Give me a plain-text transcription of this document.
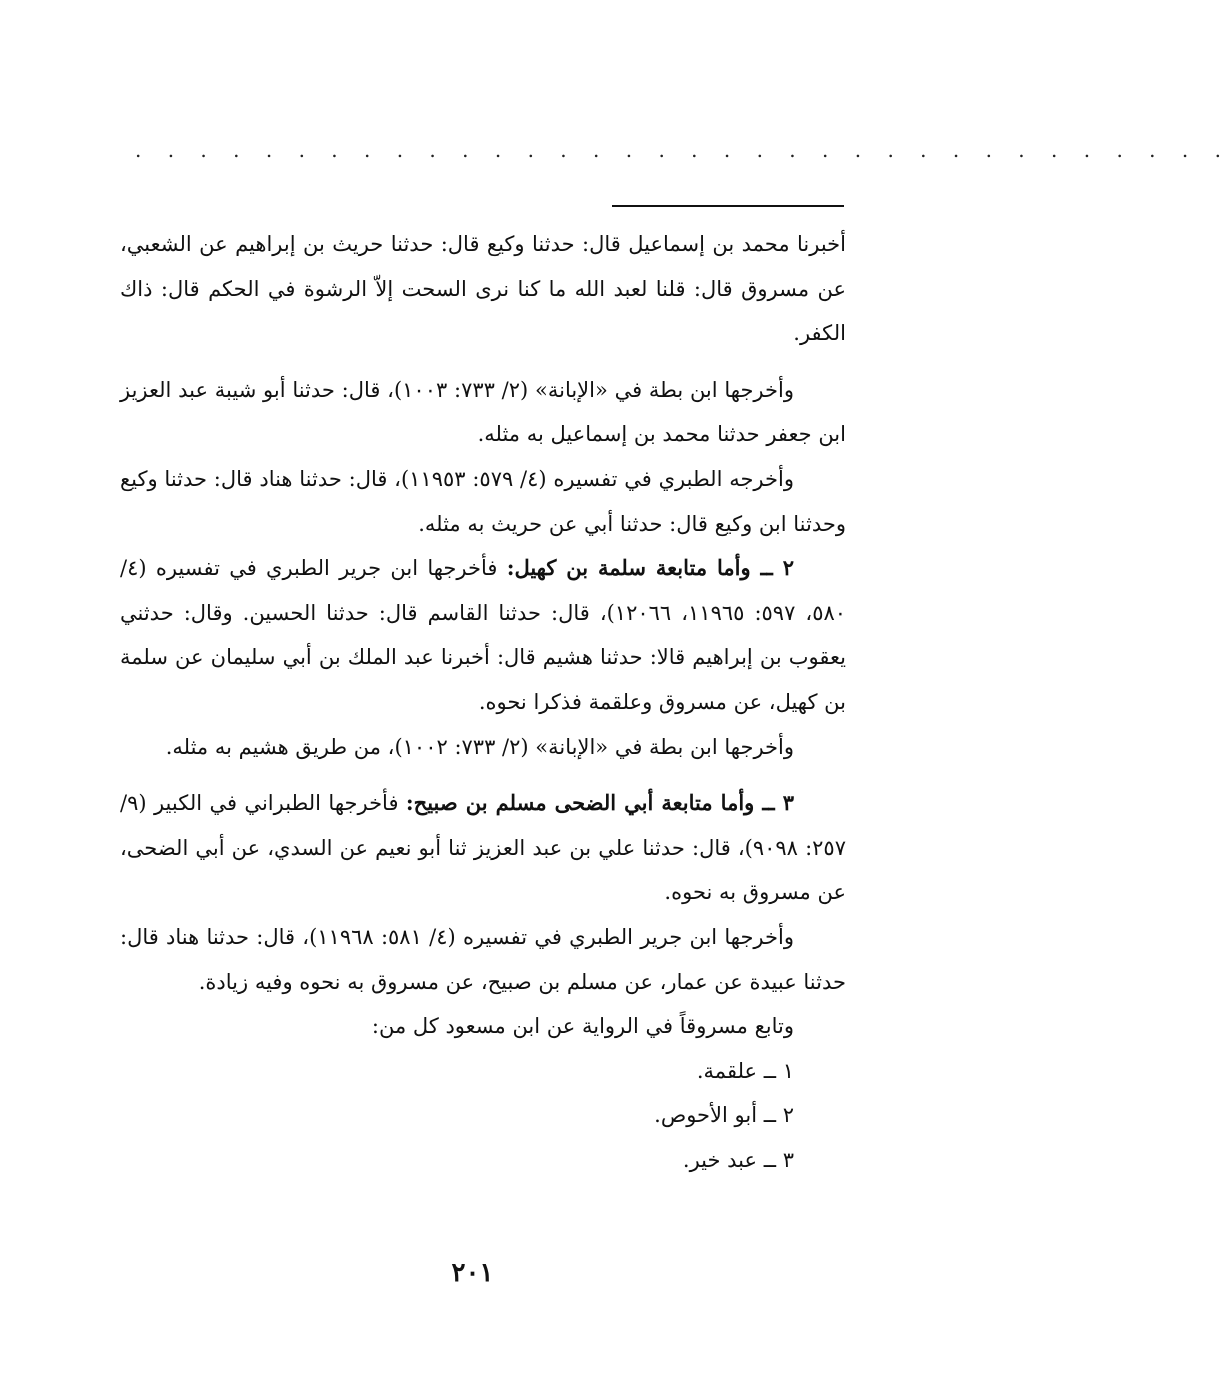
. . . . . . . . . . . . . . . . . . . . . . . . . . . . . . . . . .

أخبرنا محمد بن إسماعيل قال: حدثنا وكيع قال: حدثنا حريث بن إبراهيم عن الشعبي، عن مسروق قال: قلنا لعبد الله ما كنا نرى السحت إلاّ الرشوة في الحكم قال: ذاك الكفر.

وأخرجها ابن بطة في «الإبانة» (٢/ ٧٣٣: ١٠٠٣)، قال: حدثنا أبو شيبة عبد العزيز ابن جعفر حدثنا محمد بن إسماعيل به مثله.

وأخرجه الطبري في تفسيره (٤/ ٥٧٩: ١١٩٥٣)، قال: حدثنا هناد قال: حدثنا وكيع وحدثنا ابن وكيع قال: حدثنا أبي عن حريث به مثله.

٢ ــ وأما متابعة سلمة بن كهيل: فأخرجها ابن جرير الطبري في تفسيره (٤/ ٥٨٠، ٥٩٧: ١١٩٦٥، ١٢٠٦٦)، قال: حدثنا القاسم قال: حدثنا الحسين. وقال: حدثني يعقوب بن إبراهيم قالا: حدثنا هشيم قال: أخبرنا عبد الملك بن أبي سليمان عن سلمة بن كهيل، عن مسروق وعلقمة فذكرا نحوه.

وأخرجها ابن بطة في «الإبانة» (٢/ ٧٣٣: ١٠٠٢)، من طريق هشيم به مثله.

٣ ــ وأما متابعة أبي الضحى مسلم بن صبيح: فأخرجها الطبراني في الكبير (٩/ ٢٥٧: ٩٠٩٨)، قال: حدثنا علي بن عبد العزيز ثنا أبو نعيم عن السدي، عن أبي الضحى، عن مسروق به نحوه.

وأخرجها ابن جرير الطبري في تفسيره (٤/ ٥٨١: ١١٩٦٨)، قال: حدثنا هناد قال: حدثنا عبيدة عن عمار، عن مسلم بن صبيح، عن مسروق به نحوه وفيه زيادة.

وتابع مسروقاً في الرواية عن ابن مسعود كل من:

١ ــ علقمة.

٢ ــ أبو الأحوص.

٣ ــ عبد خير.

٢٠١
